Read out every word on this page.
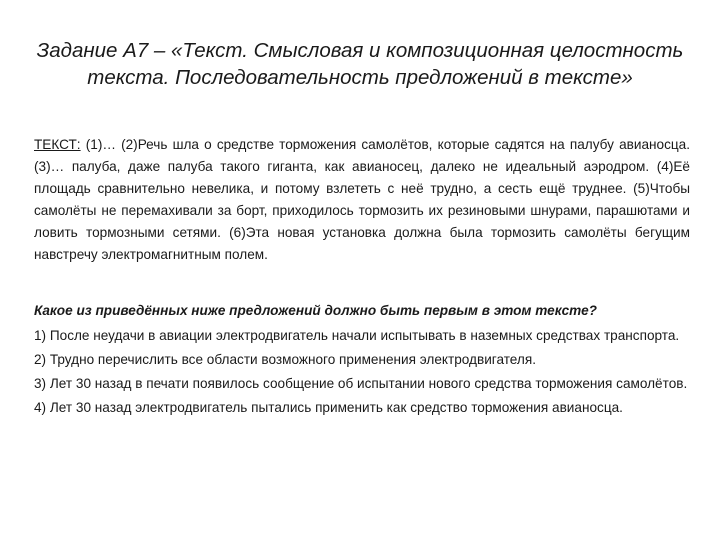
Задание А7 – «Текст. Смысловая и композиционная целостность текста. Последовательность предложений в тексте»
ТЕКСТ: (1)… (2)Речь шла о средстве торможения самолётов, которые садятся на палубу авианосца. (3)… палуба, даже палуба такого гиганта, как авианосец, далеко не идеальный аэродром. (4)Её площадь сравнительно невелика, и потому взлететь с неё трудно, а сесть ещё труднее. (5)Чтобы самолёты не перемахивали за борт, приходилось тормозить их резиновыми шнурами, парашютами и ловить тормозными сетями. (6)Эта новая установка должна была тормозить самолёты бегущим навстречу электромагнитным полем.
Какое из приведённых ниже предложений должно быть первым в этом тексте?
1) После неудачи в авиации электродвигатель начали испытывать в наземных средствах транспорта.
2) Трудно перечислить все области возможного применения электродвигателя.
3) Лет 30 назад в печати появилось сообщение об испытании нового средства торможения самолётов.
4) Лет 30 назад электродвигатель пытались применить как средство торможения авианосца.
